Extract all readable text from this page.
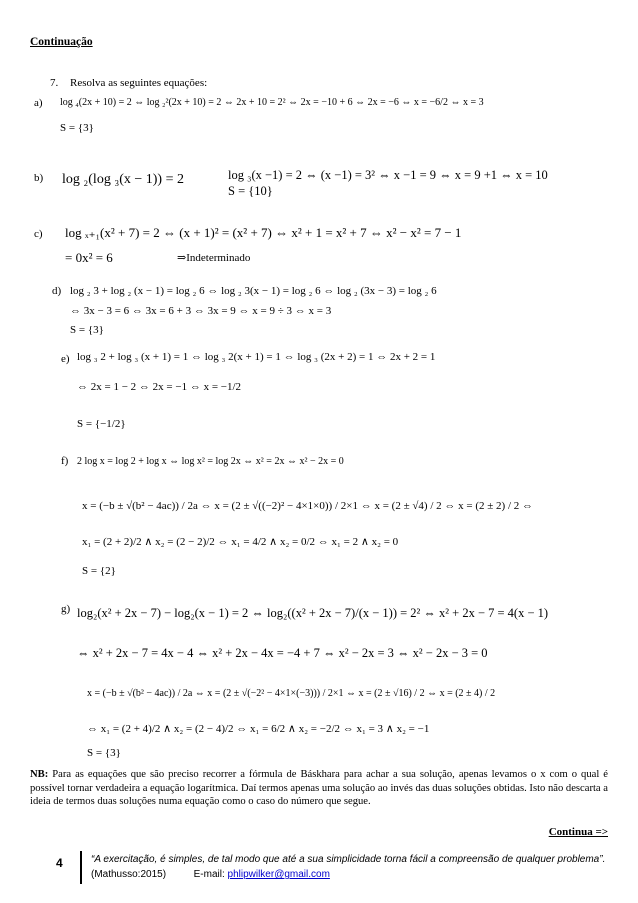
Continuação
7. Resolva as seguintes equações:
a) log ₄(2x + 10) = 2 ⇔ log ₂²(2x + 10) = 2 ⇔ 2x + 10 = 2² ⇔ 2x = −10 + 6 ⇔ 2x = −6 ⇔ x = −6/2 ⇔ x = 3
S = {3}
b) log ₂(log ₃(x − 1)) = 2	log ₃(x −1) = 2 ⇔ (x −1) = 3² ⇔ x −1 = 9 ⇔ x = 9 +1 ⇔ x = 10
S = {10}
c) log ₓ₊₁(x² + 7) = 2 ⇔ (x + 1)² = (x² + 7) ⇔ x² + 1 = x² + 7 ⇔ x² − x² = 7 − 1
= 0x² = 6	⇒Indeterminado
d) log ₂ 3 + log ₂ (x − 1) = log ₂ 6 ⇔ log ₂ 3(x − 1) = log ₂ 6 ⇔ log ₂ (3x − 3) = log ₂ 6
⇔ 3x − 3 = 6 ⇔ 3x = 6 + 3 ⇔ 3x = 9 ⇔ x = 9 ÷ 3 ⇔ x = 3
S = {3}
e) log ₃ 2 + log ₃ (x + 1) = 1 ⇔ log ₃ 2(x + 1) = 1 ⇔ log ₃ (2x + 2) = 1 ⇔ 2x + 2 = 1
⇔ 2x = 1 − 2 ⇔ 2x = −1 ⇔ x = −1/2
S = {−1/2}
f) 2 log x = log 2 + log x ⇔ log x² = log 2x ⇔ x² = 2x ⇔ x² − 2x = 0
x = (−b ± √(b² − 4ac)) / 2a ⇔ x = (2 ± √((−2)² − 4×1×0)) / 2×1 ⇔ x = (2 ± √4) / 2 ⇔ x = (2 ± 2) / 2 ⇔
x₁ = (2 + 2)/2 ∧ x₂ = (2 − 2)/2 ⇔ x₁ = 4/2 ∧ x₂ = 0/2 ⇔ x₁ = 2 ∧ x₂ = 0
S = {2}
g) log₂(x² + 2x − 7) − log₂(x − 1) = 2 ⇔ log₂((x² + 2x − 7)/(x − 1)) = 2² ⇔ x² + 2x − 7 = 4(x − 1)
⇔ x² + 2x − 7 = 4x − 4 ⇔ x² + 2x − 4x = −4 + 7 ⇔ x² − 2x = 3 ⇔ x² − 2x − 3 = 0
x = (−b ± √(b² − 4ac)) / 2a ⇔ x = (2 ± √(−2² − 4×1×(−3))) / 2×1 ⇔ x = (2 ± √16) / 2 ⇔ x = (2 ± 4) / 2
⇔ x₁ = (2 + 4)/2 ∧ x₂ = (2 − 4)/2 ⇔ x₁ = 6/2 ∧ x₂ = −2/2 ⇔ x₁ = 3 ∧ x₂ = −1
S = {3}
NB: Para as equações que são preciso recorrer a fórmula de Báskhara para achar a sua solução, apenas levamos o x com o qual é possível tornar verdadeira a equação logarítmica. Daí termos apenas uma solução ao invés das duas soluções obtidas. Isto não descarta a ideia de termos duas soluções numa equação como o caso do número que segue.
Continua =>
4	“A exercitação, é simples, de tal modo que até a sua simplicidade torna fácil a compreensão de qualquer problema”.
(Mathusso:2015)	E-mail: phlipwilker@gmail.com
